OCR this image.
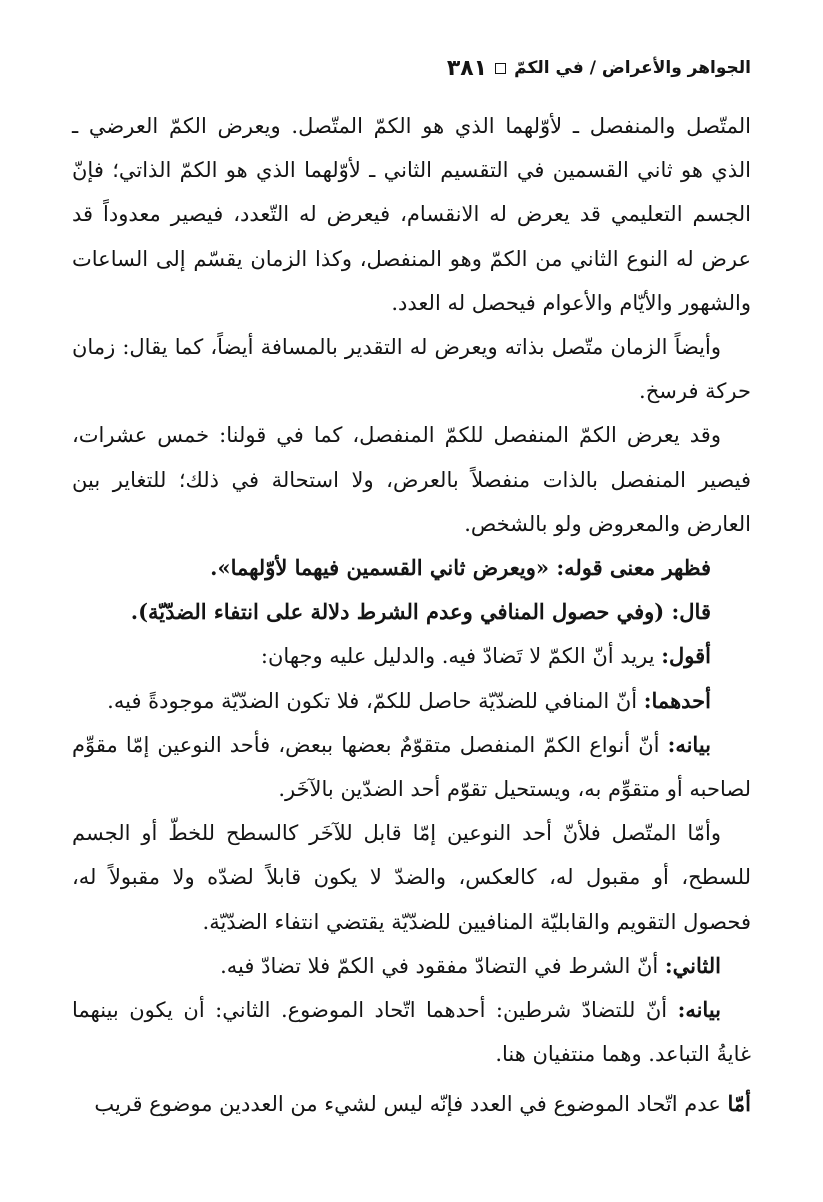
الجواهر والأعراض / في الكمّ
٣٨١

المتّصل والمنفصل ـ لأوّلهما الذي هو الكمّ المتّصل. ويعرض الكمّ العرضي ـ الذي هو ثاني القسمين في التقسيم الثاني ـ لأوّلهما الذي هو الكمّ الذاتي؛ فإنّ الجسم التعليمي قد يعرض له الانقسام، فيعرض له التّعدد، فيصير معدوداً قد عرض له النوع الثاني من الكمّ وهو المنفصل، وكذا الزمان يقسّم إلى الساعات والشهور والأيّام والأعوام فيحصل له العدد.

وأيضاً الزمان متّصل بذاته ويعرض له التقدير بالمسافة أيضاً، كما يقال: زمان حركة فرسخ.

وقد يعرض الكمّ المنفصل للكمّ المنفصل، كما في قولنا: خمس عشرات، فيصير المنفصل بالذات منفصلاً بالعرض، ولا استحالة في ذلك؛ للتغاير بين العارض والمعروض ولو بالشخص.

فظهر معنى قوله: «ويعرض ثاني القسمين فيهما لأوّلهما».

قال: (وفي حصول المنافي وعدم الشرط دلالة على انتفاء الضدّيّة).

أقول: يريد أنّ الكمّ لا تَضادّ فيه. والدليل عليه وجهان:

أحدهما: أنّ المنافي للضدّيّة حاصل للكمّ، فلا تكون الضدّيّة موجودةً فيه.

بيانه: أنّ أنواع الكمّ المنفصل متقوّمٌ بعضها ببعض، فأحد النوعين إمّا مقوِّم لصاحبه أو متقوِّم به، ويستحيل تقوّم أحد الضدّين بالآخَر.

وأمّا المتّصل فلأنّ أحد النوعين إمّا قابل للآخَر كالسطح للخطّ أو الجسم للسطح، أو مقبول له، كالعكس، والضدّ لا يكون قابلاً لضدّه ولا مقبولاً له، فحصول التقويم والقابليّة المنافيين للضدّيّة يقتضي انتفاء الضدّيّة.

الثاني: أنّ الشرط في التضادّ مفقود في الكمّ فلا تضادّ فيه.

بيانه: أنّ للتضادّ شرطين: أحدهما اتّحاد الموضوع. الثاني: أن يكون بينهما غايةُ التباعد. وهما منتفيان هنا.

أمّا عدم اتّحاد الموضوع في العدد فإنّه ليس لشيء من العددين موضوع قريب
